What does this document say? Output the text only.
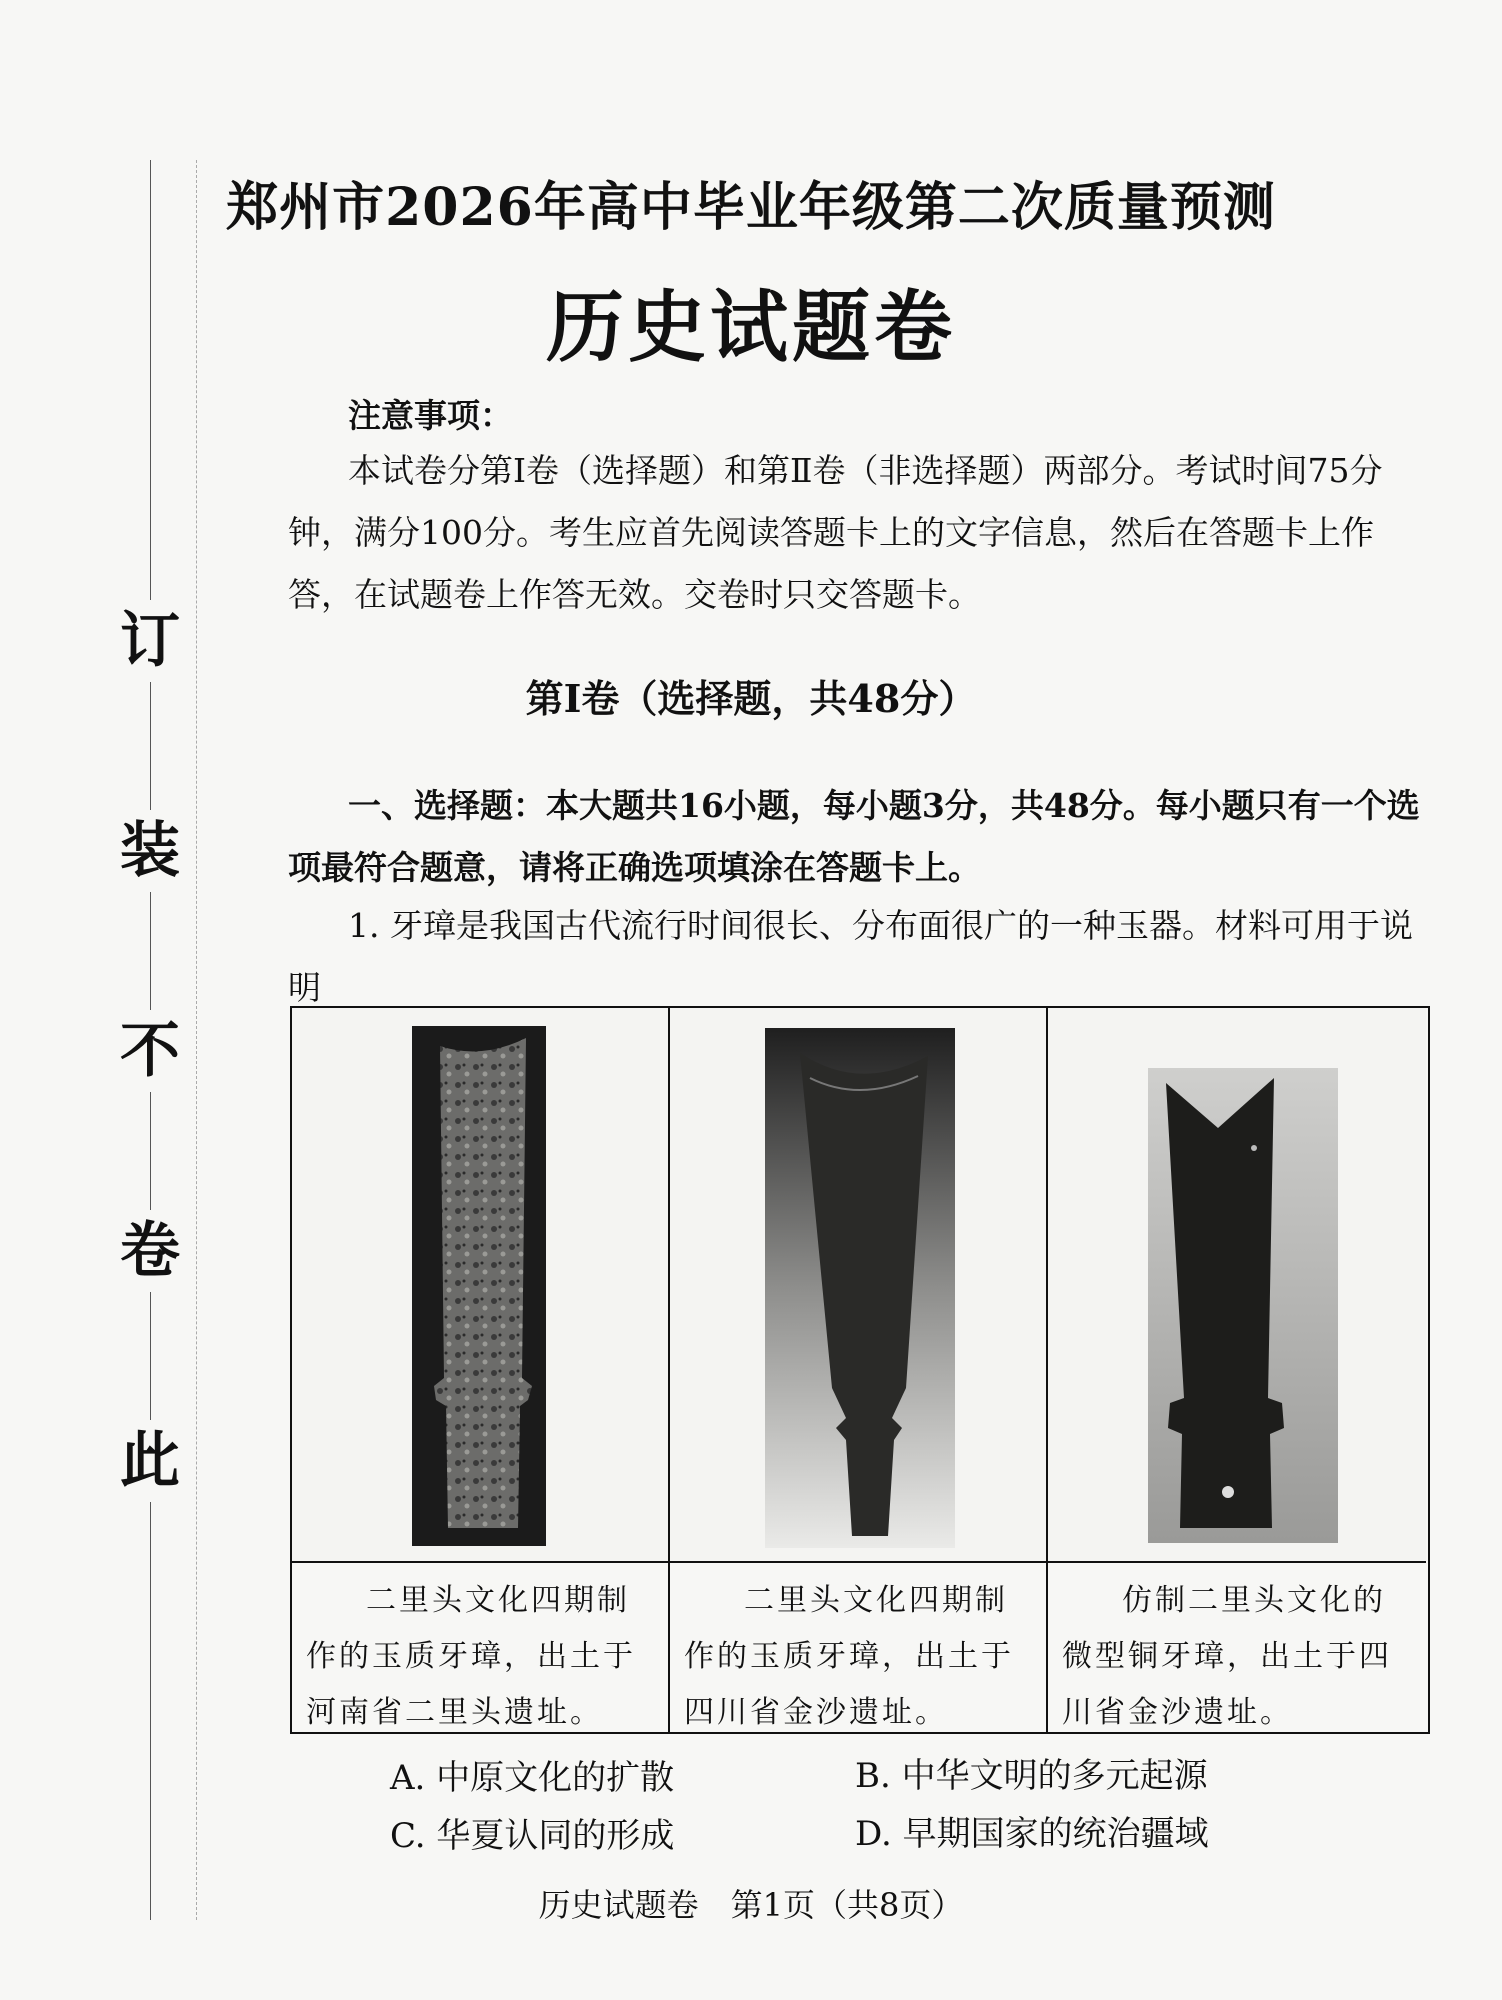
此
卷
不
装
订
郑州市2026年高中毕业年级第二次质量预测
历史试题卷
注意事项：
本试卷分第Ⅰ卷（选择题）和第Ⅱ卷（非选择题）两部分。考试时间75分钟，满分100分。考生应首先阅读答题卡上的文字信息，然后在答题卡上作答，在试题卷上作答无效。交卷时只交答题卡。
第Ⅰ卷（选择题，共48分）
一、选择题：本大题共16小题，每小题3分，共48分。每小题只有一个选项最符合题意，请将正确选项填涂在答题卡上。
1. 牙璋是我国古代流行时间很长、分布面很广的一种玉器。材料可用于说明
二里头文化四期制作的玉质牙璋，出土于河南省二里头遗址。
二里头文化四期制作的玉质牙璋，出土于四川省金沙遗址。
仿制二里头文化的微型铜牙璋，出土于四川省金沙遗址。
A. 中原文化的扩散	B. 中华文明的多元起源
C. 华夏认同的形成	D. 早期国家的统治疆域
历史试题卷　第1页（共8页）
